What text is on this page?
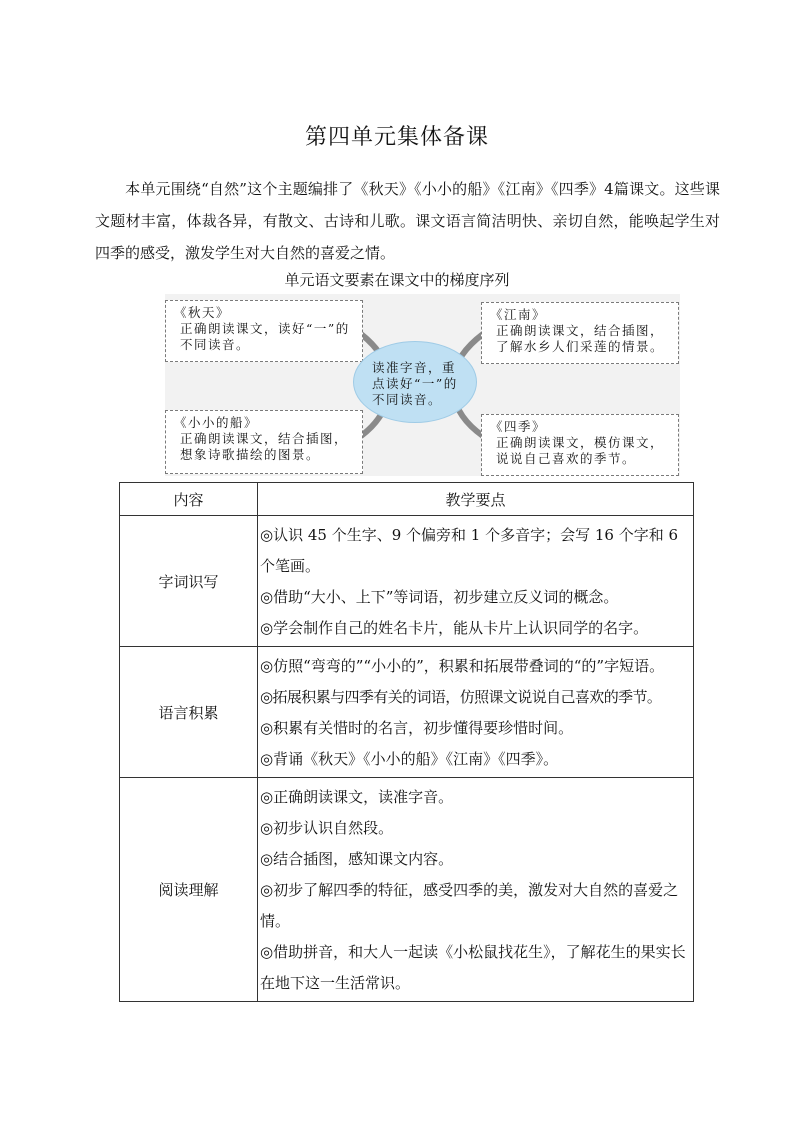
第四单元集体备课
本单元围绕“自然”这个主题编排了《秋天》《小小的船》《江南》《四季》4篇课文。这些课文题材丰富，体裁各异，有散文、古诗和儿歌。课文语言简洁明快、亲切自然，能唤起学生对四季的感受，激发学生对大自然的喜爱之情。
单元语文要素在课文中的梯度序列
《秋天》
正确朗读课文，读好“一”的不同读音。
《江南》
正确朗读课文，结合插图，了解水乡人们采莲的情景。
《小小的船》
正确朗读课文，结合插图，想象诗歌描绘的图景。
《四季》
正确朗读课文，模仿课文，说说自己喜欢的季节。
读准字音，重点读好“一”的不同读音。
内容	教学要点
字词识写	◎认识 45 个生字、9 个偏旁和 1 个多音字；会写 16 个字和 6 个笔画。

◎借助“大小、上下”等词语，初步建立反义词的概念。

◎学会制作自己的姓名卡片，能从卡片上认识同学的名字。

语言积累	◎仿照“弯弯的”“小小的”，积累和拓展带叠词的“的”字短语。

◎拓展积累与四季有关的词语，仿照课文说说自己喜欢的季节。

◎积累有关惜时的名言，初步懂得要珍惜时间。

◎背诵《秋天》《小小的船》《江南》《四季》。

阅读理解	◎正确朗读课文，读准字音。

◎初步认识自然段。

◎结合插图，感知课文内容。

◎初步了解四季的特征，感受四季的美，激发对大自然的喜爱之情。

◎借助拼音，和大人一起读《小松鼠找花生》，了解花生的果实长在地下这一生活常识。
